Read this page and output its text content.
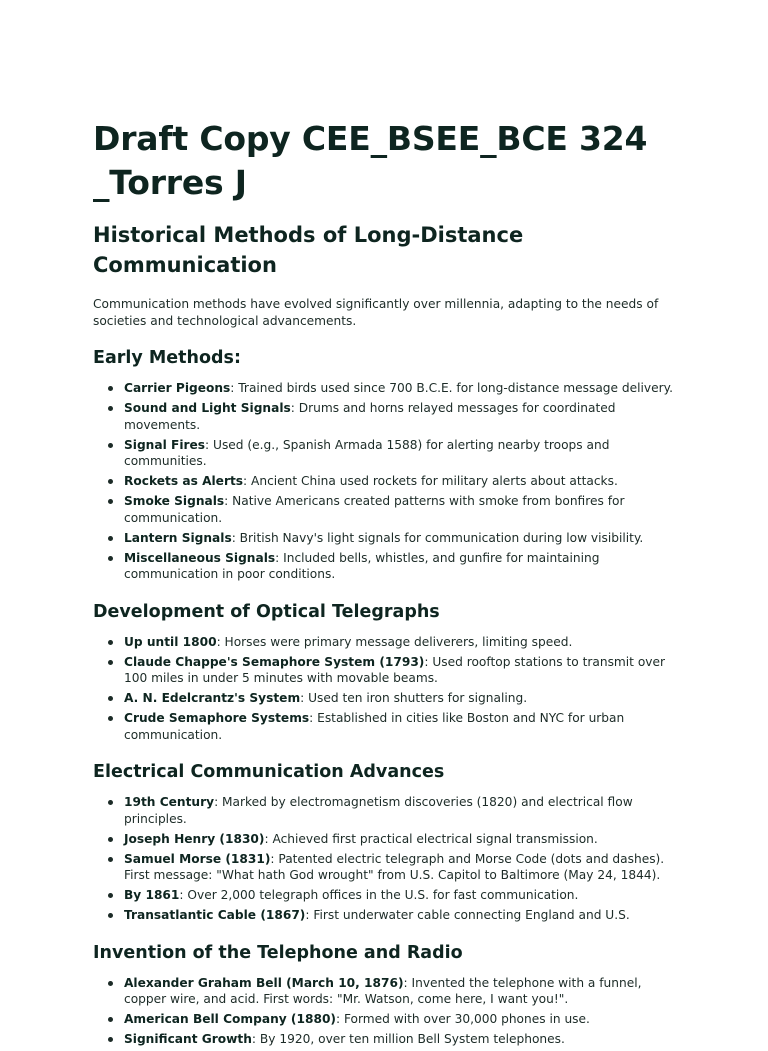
Draft Copy CEE_BSEE_BCE 324 _Torres J
Historical Methods of Long-Distance Communication

Communication methods have evolved significantly over millennia, adapting to the needs of societies and technological advancements.

Early Methods:
Carrier Pigeons: Trained birds used since 700 B.C.E. for long-distance message delivery.
Sound and Light Signals: Drums and horns relayed messages for coordinated movements.
Signal Fires: Used (e.g., Spanish Armada 1588) for alerting nearby troops and communities.
Rockets as Alerts: Ancient China used rockets for military alerts about attacks.
Smoke Signals: Native Americans created patterns with smoke from bonfires for communication.
Lantern Signals: British Navy's light signals for communication during low visibility.
Miscellaneous Signals: Included bells, whistles, and gunfire for maintaining communication in poor conditions.
Development of Optical Telegraphs
Up until 1800: Horses were primary message deliverers, limiting speed.
Claude Chappe's Semaphore System (1793): Used rooftop stations to transmit over 100 miles in under 5 minutes with movable beams.
A. N. Edelcrantz's System: Used ten iron shutters for signaling.
Crude Semaphore Systems: Established in cities like Boston and NYC for urban communication.
Electrical Communication Advances
19th Century: Marked by electromagnetism discoveries (1820) and electrical flow principles.
Joseph Henry (1830): Achieved first practical electrical signal transmission.
Samuel Morse (1831): Patented electric telegraph and Morse Code (dots and dashes). First message: "What hath God wrought" from U.S. Capitol to Baltimore (May 24, 1844).
By 1861: Over 2,000 telegraph offices in the U.S. for fast communication.
Transatlantic Cable (1867): First underwater cable connecting England and U.S.
Invention of the Telephone and Radio
Alexander Graham Bell (March 10, 1876): Invented the telephone with a funnel, copper wire, and acid. First words: "Mr. Watson, come here, I want you!".
American Bell Company (1880): Formed with over 30,000 phones in use.
Significant Growth: By 1920, over ten million Bell System telephones.
